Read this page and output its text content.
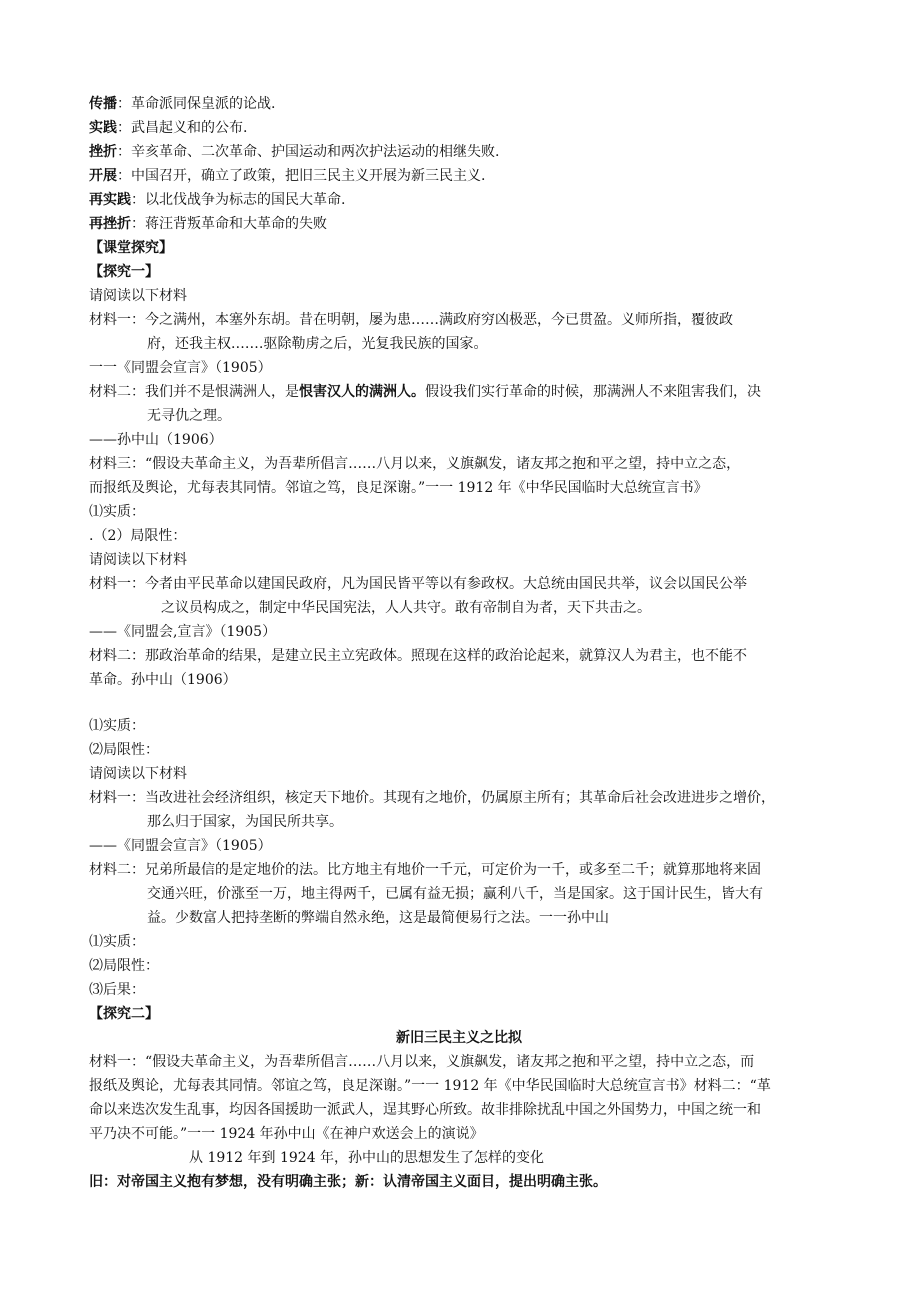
传播：革命派同保皇派的论战.
实践：武昌起义和的公布.
挫折：辛亥革命、二次革命、护国运动和两次护法运动的相继失败.
开展：中国召开，确立了政策，把旧三民主义开展为新三民主义.
再实践：以北伐战争为标志的国民大革命.
再挫折：蒋汪背叛革命和大革命的失败
【课堂探究】
【探究一】
请阅读以下材料
材料一：今之满州，本塞外东胡。昔在明朝，屡为患……满政府穷凶极恶，今已贯盈。义师所指，覆彼政
府，还我主权.……驱除勒虏之后，光复我民族的国家。
一一《同盟会宣言》（1905）
材料二：我们并不是恨满洲人，是恨害汉人的满洲人。假设我们实行革命的时候，那满洲人不来阻害我们，决
无寻仇之理。
——孙中山（1906）
材料三：“假设夫革命主义，为吾辈所倡言……八月以来，义旗飙发，诸友邦之抱和平之望，持中立之态，
而报纸及舆论，尤每表其同情。邻谊之笃，良足深谢。”一一 1912 年《中华民国临时大总统宣言书》
⑴实质：
.（2）局限性：
请阅读以下材料
材料一：今者由平民革命以建国民政府，凡为国民皆平等以有参政权。大总统由国民共举，议会以国民公举
之议员构成之，制定中华民国宪法，人人共守。敢有帝制自为者，天下共击之。
——《同盟会,宣言》（1905）
材料二：那政治革命的结果，是建立民主立宪政体。照现在这样的政治论起来，就算汉人为君主，也不能不
革命。孙中山（1906）
⑴实质：
⑵局限性：
请阅读以下材料
材料一：当改进社会经济组织，核定天下地价。其现有之地价，仍属原主所有；其革命后社会改进进步之增价，
那么归于国家，为国民所共享。
——《同盟会宣言》（1905）
材料二：兄弟所最信的是定地价的法。比方地主有地价一千元，可定价为一千，或多至二千；就算那地将来固
交通兴旺，价涨至一万，地主得两千，已属有益无损；赢利八千，当是国家。这于国计民生，皆大有
益。少数富人把持垄断的弊端自然永绝，这是最简便易行之法。一一孙中山
⑴实质：
⑵局限性：
⑶后果：
【探究二】
新旧三民主义之比拟
材料一：“假设夫革命主义，为吾辈所倡言……八月以来，义旗飙发，诸友邦之抱和平之望，持中立之态，而
报纸及舆论，尤每表其同情。邻谊之笃，良足深谢。”一一 1912 年《中华民国临时大总统宣言书》材料二：“革
命以来迭次发生乱事，均因各国援助一派武人，逞其野心所致。故非排除扰乱中国之外国势力，中国之统一和
平乃决不可能。”一一 1924 年孙中山《在神户欢送会上的演说》
从 1912 年到 1924 年，孙中山的思想发生了怎样的变化
旧：对帝国主义抱有梦想，没有明确主张；新：认清帝国主义面目，提出明确主张。
